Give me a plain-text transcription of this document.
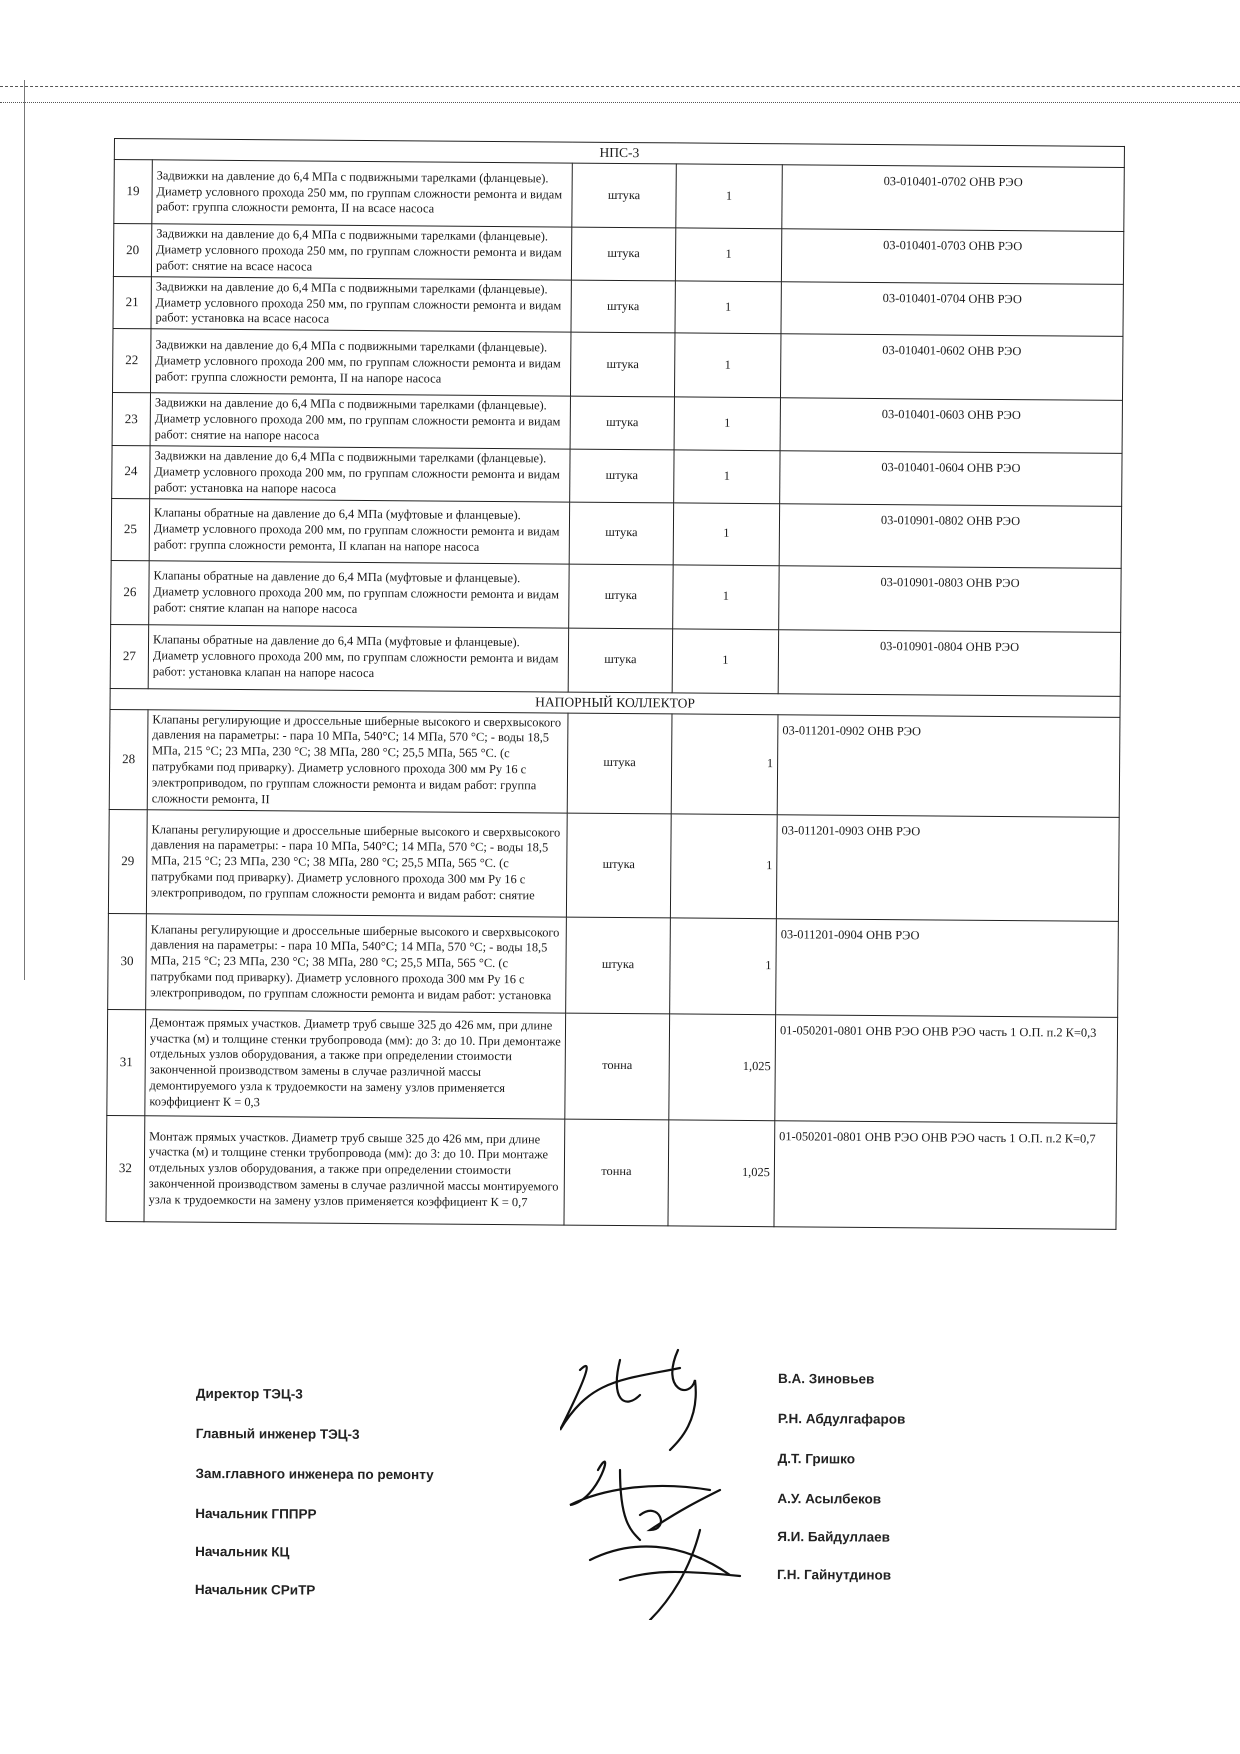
НПС-3				
19	Задвижки на давление до 6,4 МПа с подвижными тарелками (фланцевые). Диаметр условного прохода 250 мм, по группам сложности ремонта и видам работ: группа сложности ремонта, II на всасе насоса	штука	1	03-010401-0702 ОНВ РЭО
20	Задвижки на давление до 6,4 МПа с подвижными тарелками (фланцевые). Диаметр условного прохода 250 мм, по группам сложности ремонта и видам работ: снятие на всасе насоса	штука	1	03-010401-0703 ОНВ РЭО
21	Задвижки на давление до 6,4 МПа с подвижными тарелками (фланцевые). Диаметр условного прохода 250 мм, по группам сложности ремонта и видам работ: установка на всасе насоса	штука	1	03-010401-0704 ОНВ РЭО
22	Задвижки на давление до 6,4 МПа с подвижными тарелками (фланцевые). Диаметр условного прохода 200 мм, по группам сложности ремонта и видам работ: группа сложности ремонта, II на напоре насоса	штука	1	03-010401-0602 ОНВ РЭО
23	Задвижки на давление до 6,4 МПа с подвижными тарелками (фланцевые). Диаметр условного прохода 200 мм, по группам сложности ремонта и видам работ: снятие на напоре насоса	штука	1	03-010401-0603 ОНВ РЭО
24	Задвижки на давление до 6,4 МПа с подвижными тарелками (фланцевые). Диаметр условного прохода 200 мм, по группам сложности ремонта и видам работ: установка на напоре насоса	штука	1	03-010401-0604 ОНВ РЭО
25	Клапаны обратные на давление до 6,4 МПа (муфтовые и фланцевые). Диаметр условного прохода 200 мм, по группам сложности ремонта и видам работ: группа сложности ремонта, II клапан на напоре насоса	штука	1	03-010901-0802 ОНВ РЭО
26	Клапаны обратные на давление до 6,4 МПа (муфтовые и фланцевые). Диаметр условного прохода 200 мм, по группам сложности ремонта и видам работ: снятие клапан на напоре насоса	штука	1	03-010901-0803 ОНВ РЭО
27	Клапаны обратные на давление до 6,4 МПа (муфтовые и фланцевые). Диаметр условного прохода 200 мм, по группам сложности ремонта и видам работ: установка клапан на напоре насоса	штука	1	03-010901-0804 ОНВ РЭО
НАПОРНЫЙ КОЛЛЕКТОР				
28	Клапаны регулирующие и дроссельные шиберные высокого и сверхвысокого давления на параметры: - пара 10 МПа, 540°С; 14 МПа, 570 °С; - воды 18,5 МПа, 215 °С; 23 МПа, 230 °С; 38 МПа, 280 °С; 25,5 МПа, 565 °С. (с патрубками под приварку). Диаметр условного прохода 300 мм Ру 16 с электроприводом, по группам сложности ремонта и видам работ: группа сложности ремонта, II	штука	1	03-011201-0902 ОНВ РЭО
29	Клапаны регулирующие и дроссельные шиберные высокого и сверхвысокого давления на параметры: - пара 10 МПа, 540°С; 14 МПа, 570 °С; - воды 18,5 МПа, 215 °С; 23 МПа, 230 °С; 38 МПа, 280 °С; 25,5 МПа, 565 °С. (с патрубками под приварку). Диаметр условного прохода 300 мм Ру 16 с электроприводом, по группам сложности ремонта и видам работ: снятие	штука	1	03-011201-0903 ОНВ РЭО
30	Клапаны регулирующие и дроссельные шиберные высокого и сверхвысокого давления на параметры: - пара 10 МПа, 540°С; 14 МПа, 570 °С; - воды 18,5 МПа, 215 °С; 23 МПа, 230 °С; 38 МПа, 280 °С; 25,5 МПа, 565 °С. (с патрубками под приварку). Диаметр условного прохода 300 мм Ру 16 с электроприводом, по группам сложности ремонта и видам работ: установка	штука	1	03-011201-0904 ОНВ РЭО
31	Демонтаж прямых участков. Диаметр труб свыше 325 до 426 мм, при длине участка (м) и толщине стенки трубопровода (мм): до 3: до 10. При демонтаже отдельных узлов оборудования, а также при определении стоимости законченной производством замены в случае различной массы демонтируемого узла к трудоемкости на замену узлов применяется коэффициент К = 0,3	тонна	1,025	01-050201-0801 ОНВ РЭО ОНВ РЭО часть 1 О.П. п.2 К=0,3
32	Монтаж прямых участков. Диаметр труб свыше 325 до 426 мм, при длине участка (м) и толщине стенки трубопровода (мм): до 3: до 10. При монтаже отдельных узлов оборудования, а также при определении стоимости законченной производством замены в случае различной массы монтируемого узла к трудоемкости на замену узлов применяется коэффициент К = 0,7	тонна	1,025	01-050201-0801 ОНВ РЭО ОНВ РЭО часть 1 О.П. п.2 К=0,7
Директор ТЭЦ-3
В.А. Зиновьев
Главный инженер ТЭЦ-3
Р.Н. Абдулгафаров
Зам.главного инженера по ремонту
Д.Т. Гришко
Начальник ГППРР
А.У. Асылбеков
Начальник КЦ
Я.И. Байдуллаев
Начальник СРиТР
Г.Н. Гайнутдинов
